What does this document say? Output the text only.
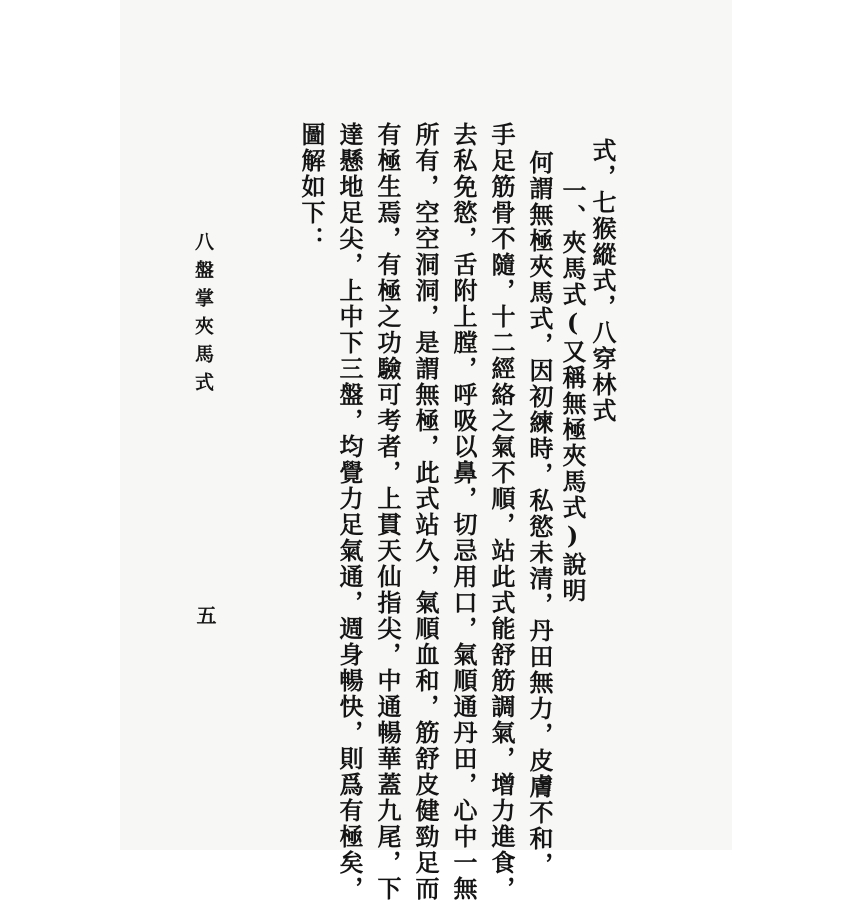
式，七猴縱式，八穿林式
一、夾馬式(又稱無極夾馬式)說明
何謂無極夾馬式，因初練時，私慾未清，丹田無力，皮膚不和，
手足筋骨不隨，十二經絡之氣不順，站此式能舒筋調氣，增力進食，
去私免慾，舌附上膛，呼吸以鼻，切忌用口，氣順通丹田，心中一無
所有，空空洞洞，是謂無極，此式站久，氣順血和，筋舒皮健勁足而
有極生焉，有極之功驗可考者，上貫天仙指尖，中通暢華蓋九尾，下
達懸地足尖，上中下三盤，均覺力足氣通，週身暢快，則爲有極矣，
圖解如下：
八盤掌夾馬式
五
